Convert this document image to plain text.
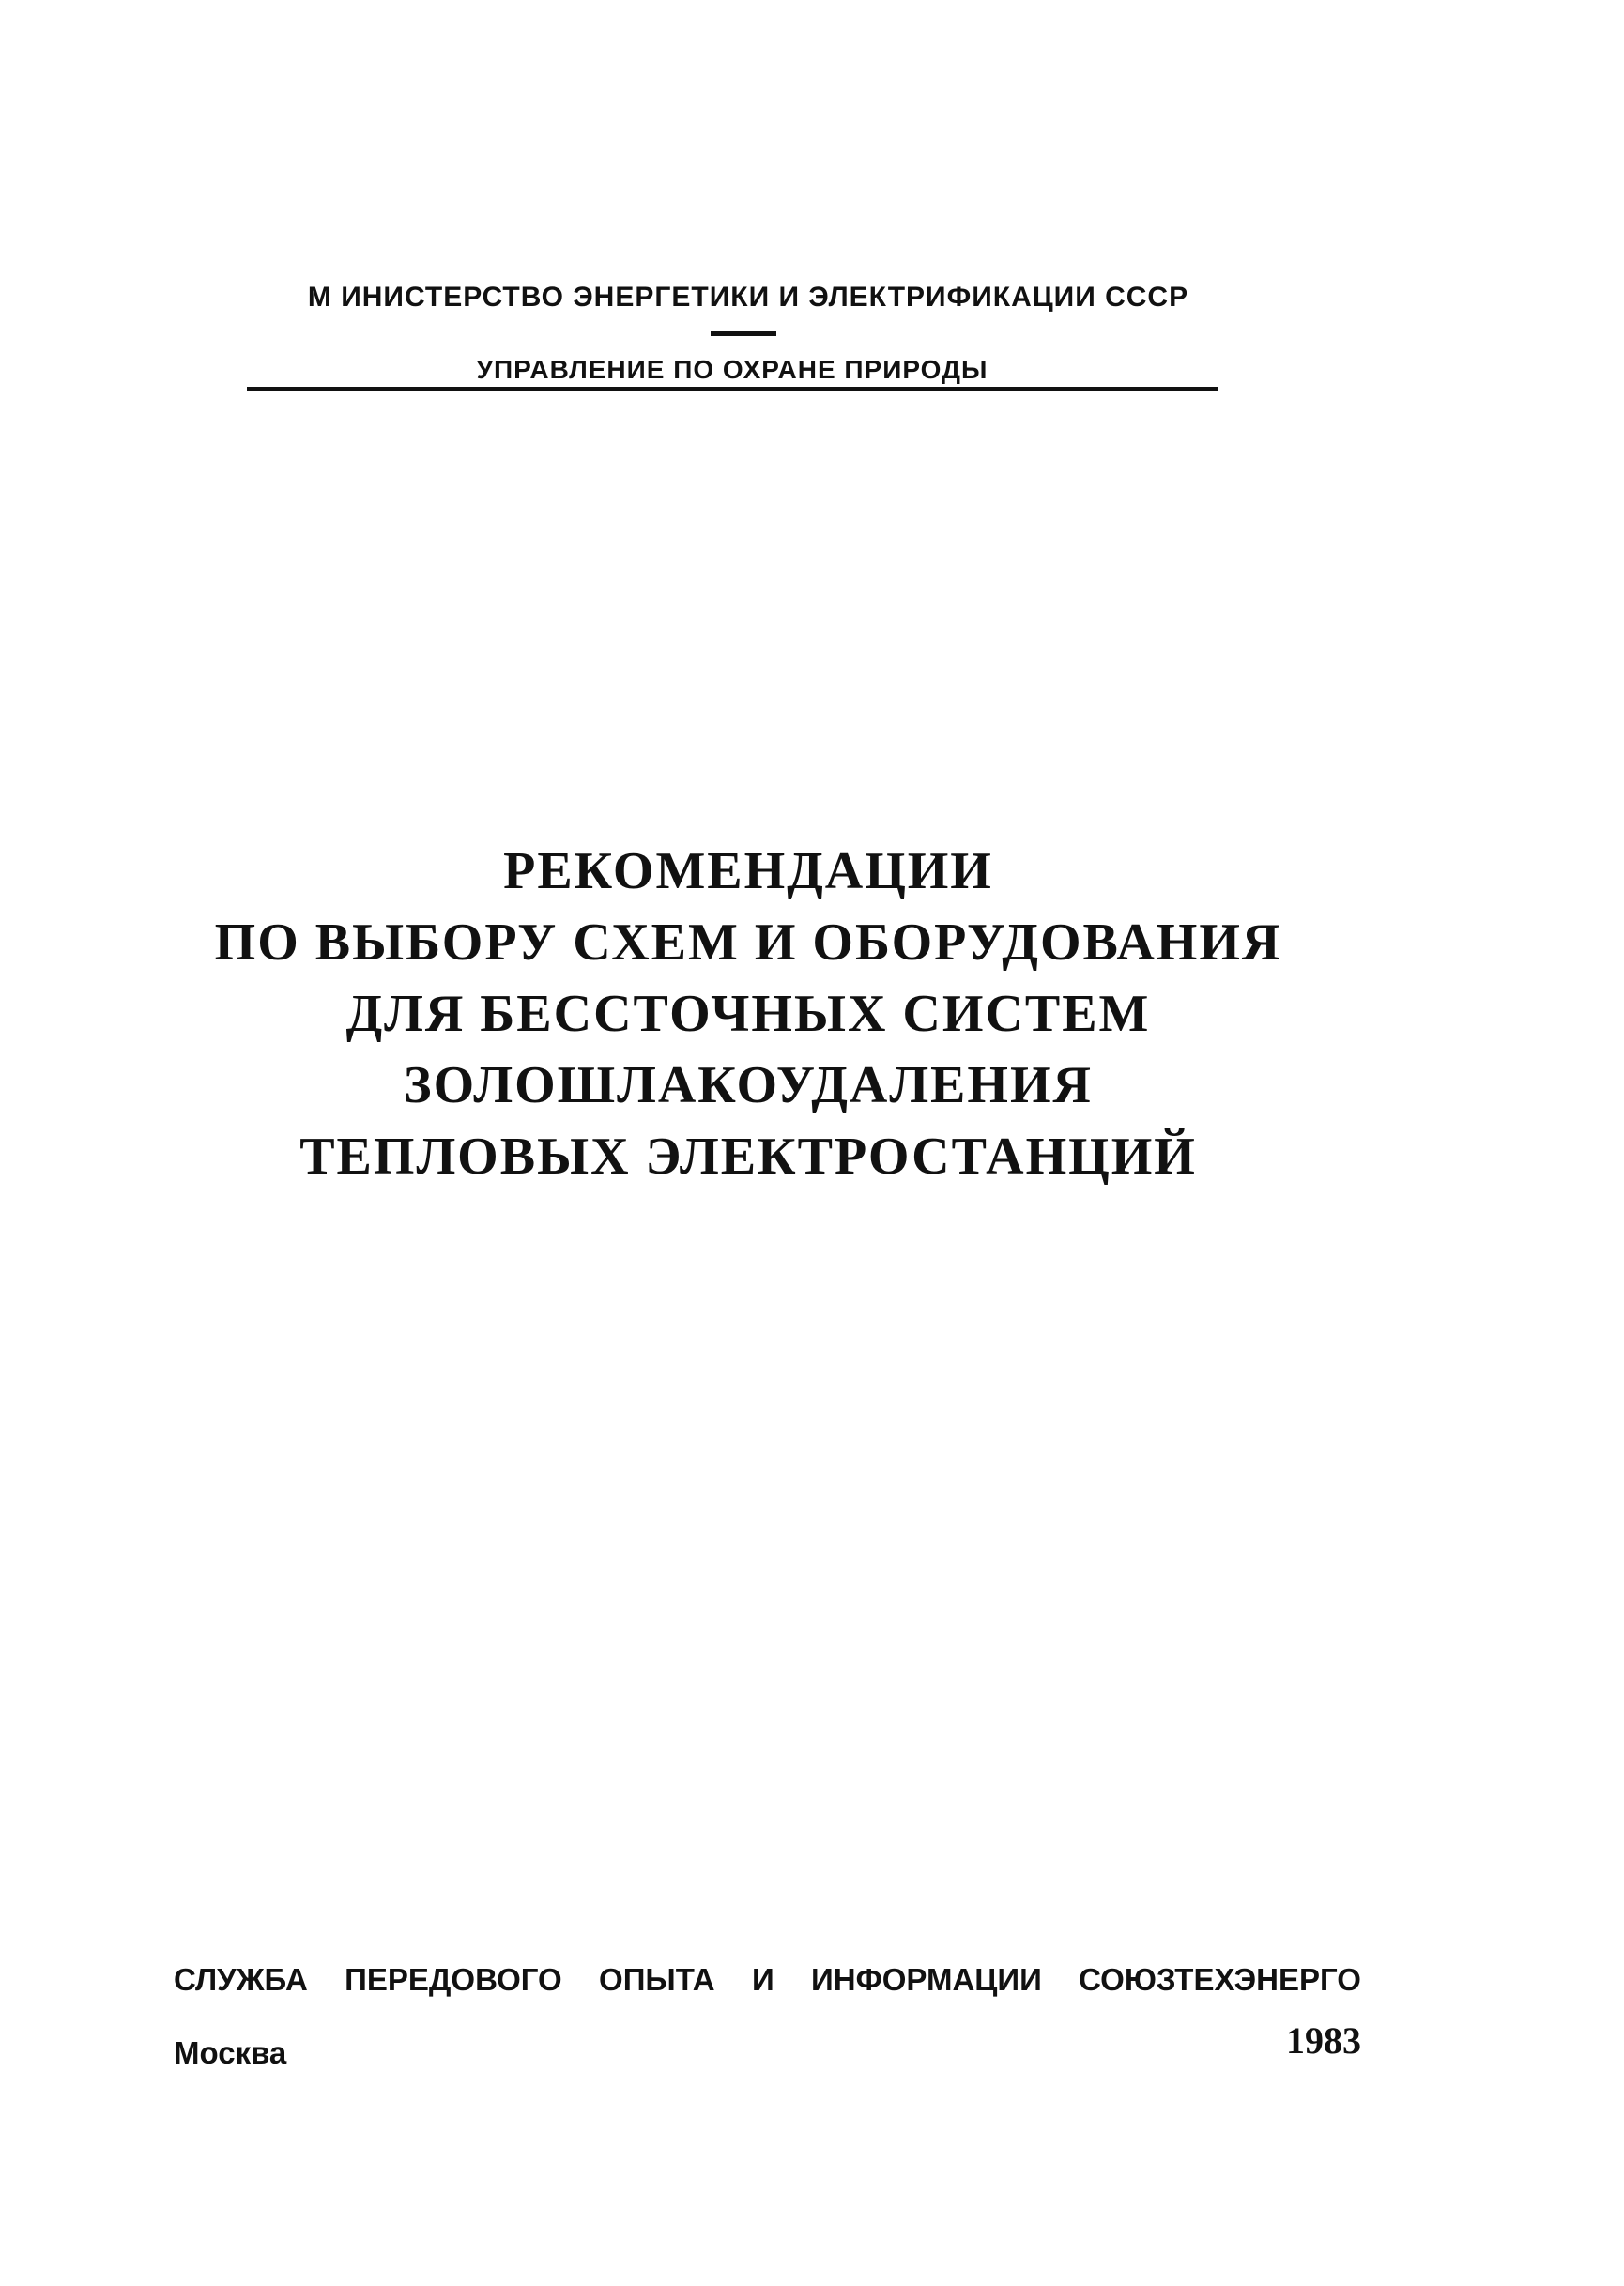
М ИНИСТЕРСТВО ЭНЕРГЕТИКИ И ЭЛЕКТРИФИКАЦИИ СССР
УПРАВЛЕНИЕ ПО ОХРАНЕ ПРИРОДЫ
РЕКОМЕНДАЦИИ
ПО ВЫБОРУ СХЕМ И ОБОРУДОВАНИЯ
ДЛЯ БЕССТОЧНЫХ СИСТЕМ
ЗОЛОШЛАКОУДАЛЕНИЯ
ТЕПЛОВЫХ ЭЛЕКТРОСТАНЦИЙ
СЛУЖБА ПЕРЕДОВОГО ОПЫТА И ИНФОРМАЦИИ СОЮЗТЕХЭНЕРГО
Москва	1983
